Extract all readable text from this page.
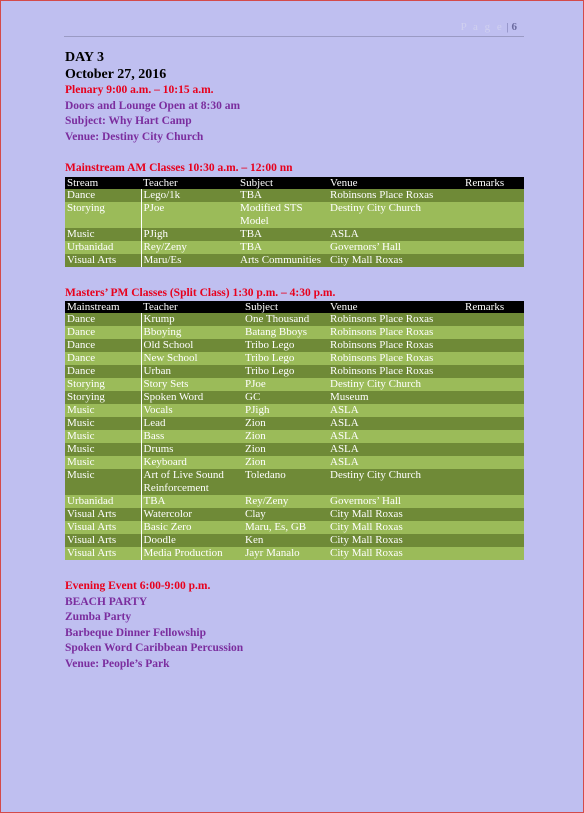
P a g e | 6
DAY 3
October 27, 2016
Plenary 9:00 a.m. – 10:15 a.m.
Doors and Lounge Open at 8:30 am
Subject: Why Hart Camp
Venue: Destiny City Church
Mainstream AM Classes 10:30 a.m. – 12:00 nn
Stream	Teacher	Subject	Venue	Remarks
Dance	Lego/1k	TBA	Robinsons Place Roxas	
Storying	PJoe	Modified STS Model	Destiny City Church	
Music	PJigh	TBA	ASLA	
Urbanidad	Rey/Zeny	TBA	Governors’ Hall	
Visual Arts	Maru/Es	Arts Communities	City Mall Roxas	
Masters’ PM Classes (Split Class) 1:30 p.m. – 4:30 p.m.
Mainstream	Teacher	Subject	Venue	Remarks
Dance	Krump	One Thousand	Robinsons Place Roxas	
Dance	Bboying	Batang Bboys	Robinsons Place Roxas	
Dance	Old School	Tribo Lego	Robinsons Place Roxas	
Dance	New School	Tribo Lego	Robinsons Place Roxas	
Dance	Urban	Tribo Lego	Robinsons Place Roxas	
Storying	Story Sets	PJoe	Destiny City Church	
Storying	Spoken Word	GC	Museum	
Music	Vocals	PJigh	ASLA	
Music	Lead	Zion	ASLA	
Music	Bass	Zion	ASLA	
Music	Drums	Zion	ASLA	
Music	Keyboard	Zion	ASLA	
Music	Art of Live Sound Reinforcement	Toledano	Destiny City Church	
Urbanidad	TBA	Rey/Zeny	Governors’ Hall	
Visual Arts	Watercolor	Clay	City Mall Roxas	
Visual Arts	Basic Zero	Maru, Es, GB	City Mall Roxas	
Visual Arts	Doodle	Ken	City Mall Roxas	
Visual Arts	Media Production	Jayr Manalo	City Mall Roxas	
Evening Event 6:00-9:00 p.m.
BEACH PARTY
Zumba Party
Barbeque Dinner Fellowship
Spoken Word Caribbean Percussion
Venue: People’s Park
